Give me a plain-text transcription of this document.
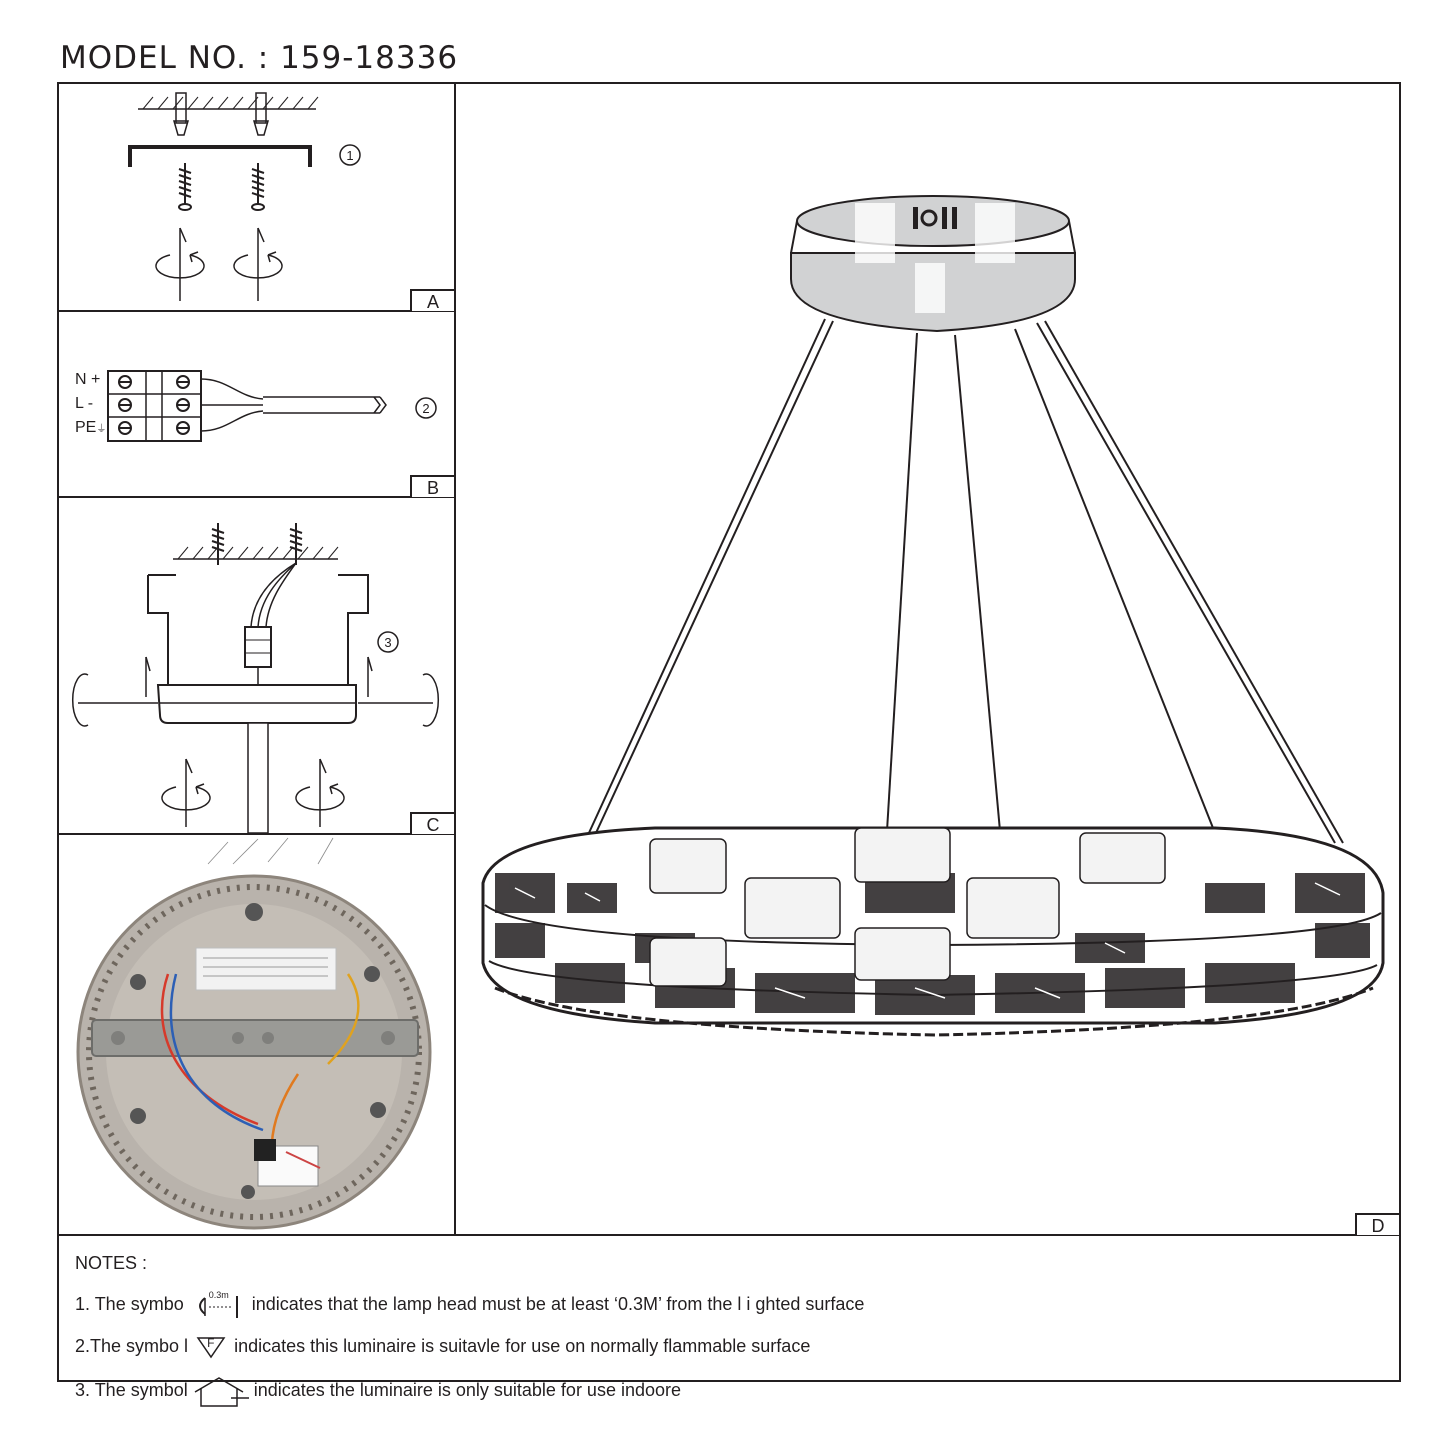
MODEL NO. : 159-18336
1
A
N +
L -
PE⏚
2
B
3
C
D
NOTES :
1. The symbo	0.3m indicates that the lamp head must be at least ‘0.3M’ from the l i ghted surface
2.The symbo l F indicates this luminaire is suitavle for use on normally flammable surface
3. The symbol	indicates the luminaire is only suitable for use indoore
